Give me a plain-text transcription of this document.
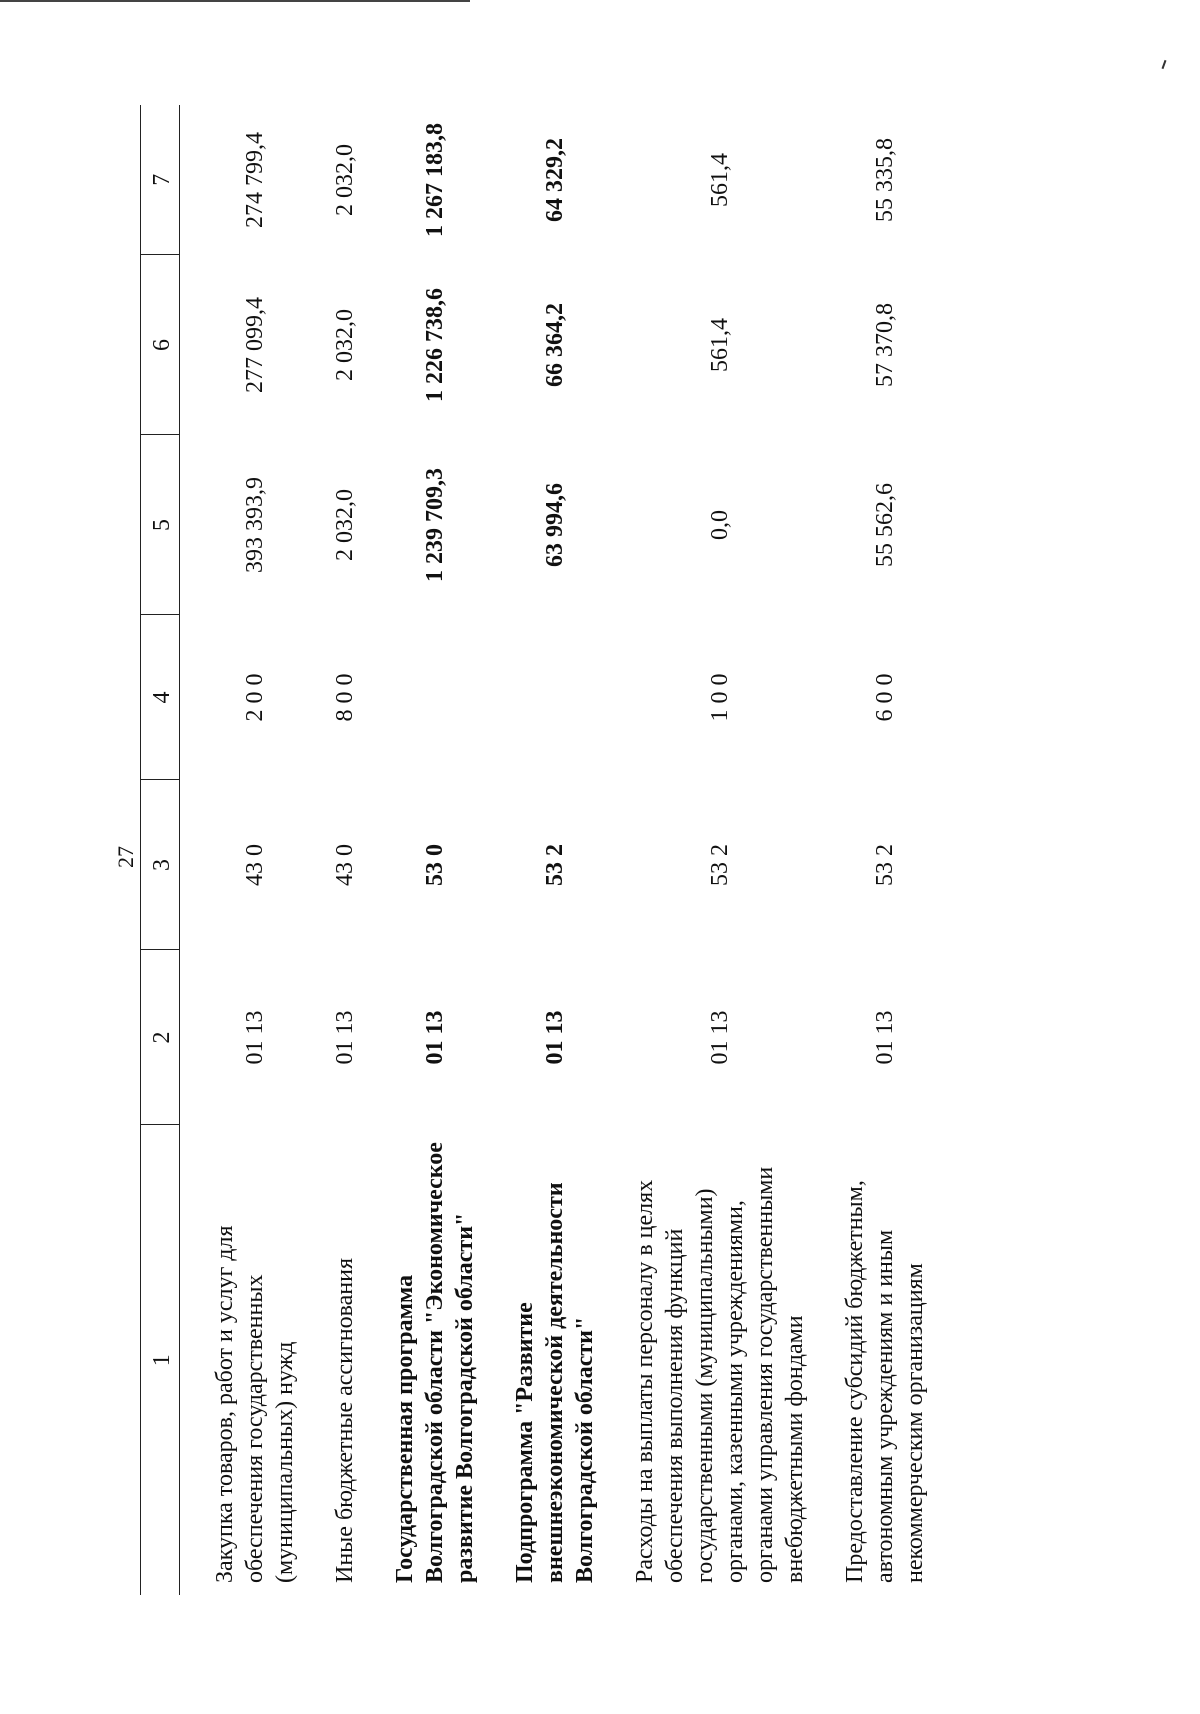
27
1	2	3	4	5	6	7

Закупка товаров, работ и услуг для обеспечения государственных (муниципальных) нужд	01 13	43 0	2 0 0	393 393,9	277 099,4	274 799,4

Иные бюджетные ассигнования	01 13	43 0	8 0 0	2 032,0	2 032,0	2 032,0

Государственная программа Волгоградской области "Экономическое развитие Волгоградской области"	01 13	53 0		1 239 709,3	1 226 738,6	1 267 183,8

Подпрограмма "Развитие внешнеэкономической деятельности Волгоградской области"	01 13	53 2		63 994,6	66 364,2	64 329,2

Расходы на выплаты персоналу в целях обеспечения выполнения функций государственными (муниципальными) органами, казенными учреждениями, органами управления государственными внебюджетными фондами	01 13	53 2	1 0 0	0,0	561,4	561,4

Предоставление субсидий бюджетным, автономным учреждениям и иным некоммерческим организациям	01 13	53 2	6 0 0	55 562,6	57 370,8	55 335,8
